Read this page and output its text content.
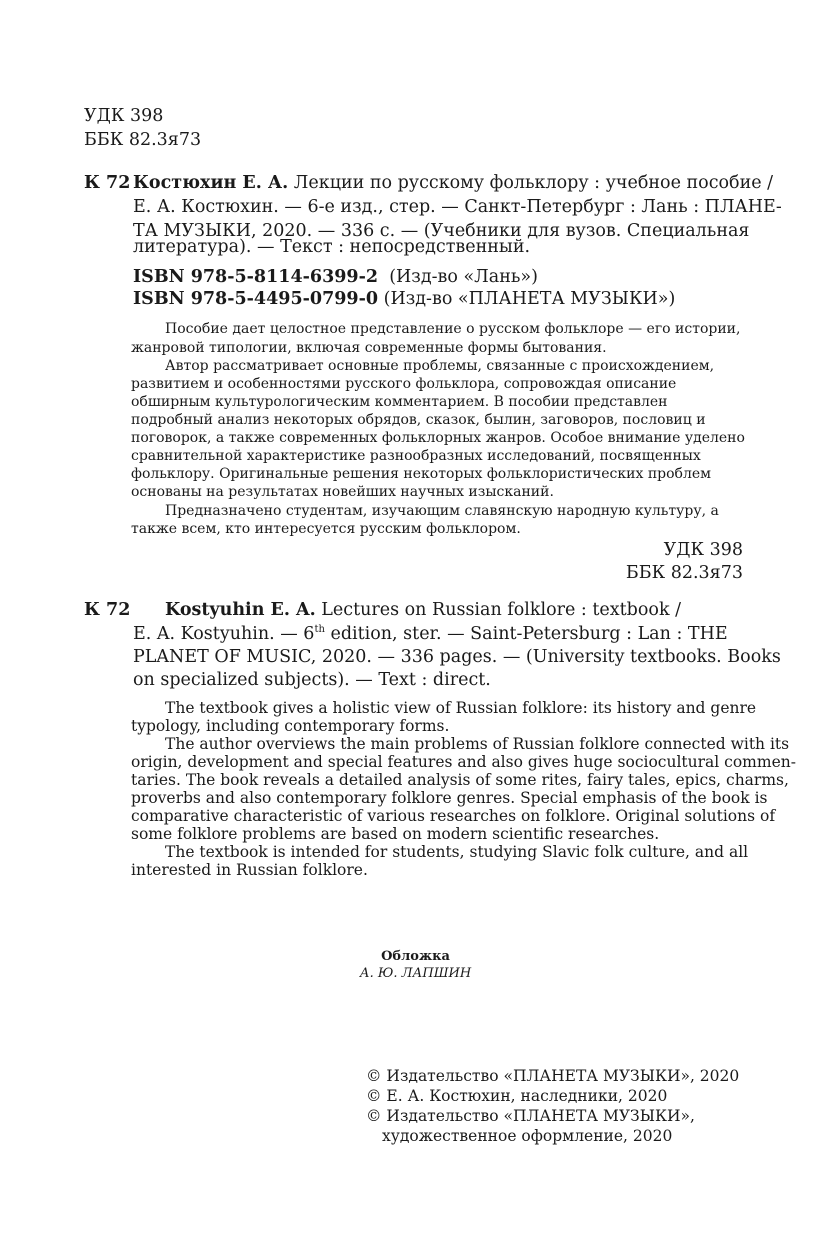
УДК 398
ББК 82.3я73
К 72 Костюхин Е. А. Лекции по русскому фольклору : учебное пособие /
Е. А. Костюхин. — 6-е изд., стер. — Санкт-Петербург : Лань : ПЛАНЕ-
ТА МУЗЫКИ, 2020. — 336 с. — (Учебники для вузов. Специальная
литература). — Текст : непосредственный.
ISBN 978-5-8114-6399-2 (Изд-во «Лань»)
ISBN 978-5-4495-0799-0 (Изд-во «ПЛАНЕТА МУЗЫКИ»)
Пособие дает целостное представление о русском фольклоре — его истории,
жанровой типологии, включая современные формы бытования.
Автор рассматривает основные проблемы, связанные с происхождением,
развитием и особенностями русского фольклора, сопровождая описание
обширным культурологическим комментарием. В пособии представлен
подробный анализ некоторых обрядов, сказок, былин, заговоров, пословиц и
поговорок, а также современных фольклорных жанров. Особое внимание уделено
сравнительной характеристике разнообразных исследований, посвященных
фольклору. Оригинальные решения некоторых фольклористических проблем
основаны на результатах новейших научных изысканий.
Предназначено студентам, изучающим славянскую народную культуру, а
также всем, кто интересуется русским фольклором.
УДК 398
ББК 82.3я73
К 72 Kostyuhin E. A. Lectures on Russian folklore : textbook /
E. A. Kostyuhin. — 6th edition, ster. — Saint-Petersburg : Lan : THE
PLANET OF MUSIC, 2020. — 336 pages. — (University textbooks. Books
on specialized subjects). — Text : direct.
The textbook gives a holistic view of Russian folklore: its history and genre
typology, including contemporary forms.
The author overviews the main problems of Russian folklore connected with its
origin, development and special features and also gives huge sociocultural commen-
taries. The book reveals a detailed analysis of some rites, fairy tales, epics, charms,
proverbs and also contemporary folklore genres. Special emphasis of the book is
comparative characteristic of various researches on folklore. Original solutions of
some folklore problems are based on modern scientific researches.
The textbook is intended for students, studying Slavic folk culture, and all
interested in Russian folklore.
Обложка
А. Ю. ЛАПШИН
© Издательство «ПЛАНЕТА МУЗЫКИ», 2020
© Е. А. Костюхин, наследники, 2020
© Издательство «ПЛАНЕТА МУЗЫКИ»,
художественное оформление, 2020
